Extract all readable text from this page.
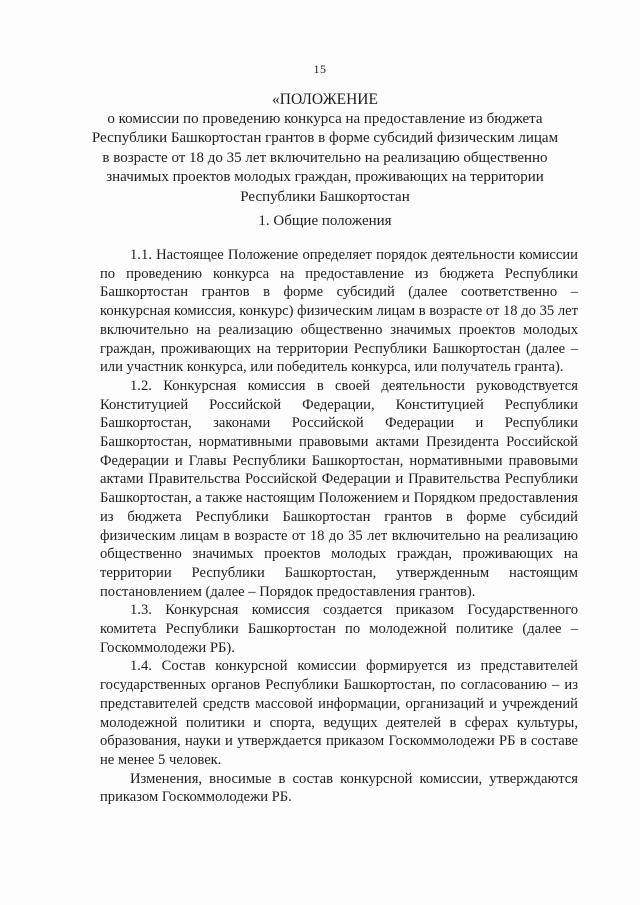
15
«ПОЛОЖЕНИЕ
о комиссии по проведению конкурса на предоставление из бюджета Республики Башкортостан грантов в форме субсидий физическим лицам в возрасте от 18 до 35 лет включительно на реализацию общественно значимых проектов молодых граждан, проживающих на территории Республики Башкортостан
1. Общие положения

1.1. Настоящее Положение определяет порядок деятельности комиссии по проведению конкурса на предоставление из бюджета Республики Башкортостан грантов в форме субсидий (далее соответственно – конкурсная комиссия, конкурс) физическим лицам в возрасте от 18 до 35 лет включительно на реализацию общественно значимых проектов молодых граждан, проживающих на территории Республики Башкортостан (далее – или участник конкурса, или победитель конкурса, или получатель гранта).

1.2. Конкурсная комиссия в своей деятельности руководствуется Конституцией Российской Федерации, Конституцией Республики Башкортостан, законами Российской Федерации и Республики Башкортостан, нормативными правовыми актами Президента Российской Федерации и Главы Республики Башкортостан, нормативными правовыми актами Правительства Российской Федерации и Правительства Республики Башкортостан, а также настоящим Положением и Порядком предоставления из бюджета Республики Башкортостан грантов в форме субсидий физическим лицам в возрасте от 18 до 35 лет включительно на реализацию общественно значимых проектов молодых граждан, проживающих на территории Республики Башкортостан, утвержденным настоящим постановлением (далее – Порядок предоставления грантов).

1.3. Конкурсная комиссия создается приказом Государственного комитета Республики Башкортостан по молодежной политике (далее – Госкоммолодежи РБ).

1.4. Состав конкурсной комиссии формируется из представителей государственных органов Республики Башкортостан, по согласованию – из представителей средств массовой информации, организаций и учреждений молодежной политики и спорта, ведущих деятелей в сферах культуры, образования, науки и утверждается приказом Госкоммолодежи РБ в составе не менее 5 человек.

Изменения, вносимые в состав конкурсной комиссии, утверждаются приказом Госкоммолодежи РБ.
